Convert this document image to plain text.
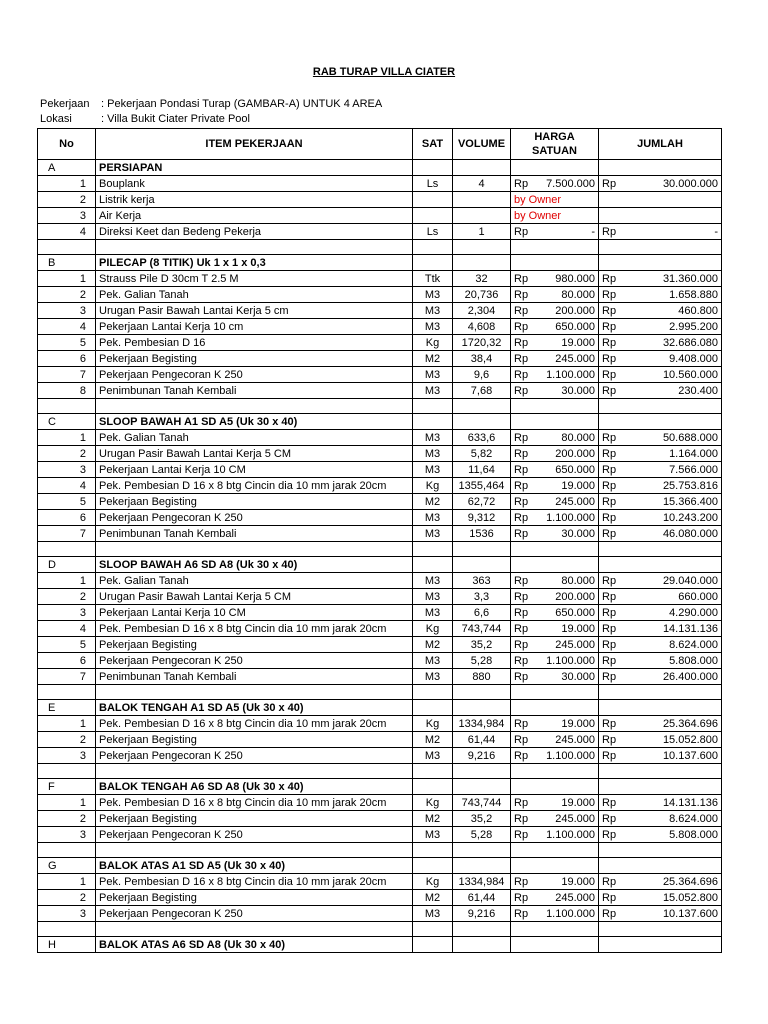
RAB TURAP VILLA CIATER
Pekerjaan : Pekerjaan Pondasi Turap (GAMBAR-A) UNTUK 4 AREA
Lokasi	: Villa Bukit Ciater Private Pool
No	ITEM PEKERJAAN	SAT	VOLUME	HARGA SATUAN	JUMLAH
A	PERSIAPAN				
1	Bouplank	Ls	4	Rp 7.500.000	Rp 30.000.000

2	Listrik kerja			by Owner	
3	Air Kerja			by Owner	
4	Direksi Keet dan Bedeng Pekerja	Ls	1	Rp -	Rp -

B	PILECAP (8 TITIK) Uk 1 x 1 x 0,3				
1	Strauss Pile D 30cm T 2.5 M	Ttk	32	Rp 980.000	Rp 31.360.000

2	Pek. Galian Tanah	M3	20,736	Rp 80.000	Rp 1.658.880

3	Urugan Pasir Bawah Lantai Kerja 5 cm	M3	2,304	Rp 200.000	Rp 460.800

4	Pekerjaan Lantai Kerja 10 cm	M3	4,608	Rp 650.000	Rp 2.995.200

5	Pek. Pembesian D 16	Kg	1720,32	Rp 19.000	Rp 32.686.080

6	Pekerjaan Begisting	M2	38,4	Rp 245.000	Rp 9.408.000

7	Pekerjaan Pengecoran K 250	M3	9,6	Rp 1.100.000	Rp 10.560.000

8	Penimbunan Tanah Kembali	M3	7,68	Rp 30.000	Rp 230.400

C	SLOOP BAWAH A1 SD A5 (Uk 30 x 40)				
1	Pek. Galian Tanah	M3	633,6	Rp 80.000	Rp 50.688.000

2	Urugan Pasir Bawah Lantai Kerja 5 CM	M3	5,82	Rp 200.000	Rp 1.164.000

3	Pekerjaan Lantai Kerja 10 CM	M3	11,64	Rp 650.000	Rp 7.566.000

4	Pek. Pembesian D 16 x 8 btg Cincin dia 10 mm jarak 20cm	Kg	1355,464	Rp 19.000	Rp 25.753.816

5	Pekerjaan Begisting	M2	62,72	Rp 245.000	Rp 15.366.400

6	Pekerjaan Pengecoran K 250	M3	9,312	Rp 1.100.000	Rp 10.243.200

7	Penimbunan Tanah Kembali	M3	1536	Rp 30.000	Rp 46.080.000

D	SLOOP BAWAH A6 SD A8 (Uk 30 x 40)				
1	Pek. Galian Tanah	M3	363	Rp 80.000	Rp 29.040.000

2	Urugan Pasir Bawah Lantai Kerja 5 CM	M3	3,3	Rp 200.000	Rp 660.000

3	Pekerjaan Lantai Kerja 10 CM	M3	6,6	Rp 650.000	Rp 4.290.000

4	Pek. Pembesian D 16 x 8 btg Cincin dia 10 mm jarak 20cm	Kg	743,744	Rp 19.000	Rp 14.131.136

5	Pekerjaan Begisting	M2	35,2	Rp 245.000	Rp 8.624.000

6	Pekerjaan Pengecoran K 250	M3	5,28	Rp 1.100.000	Rp 5.808.000

7	Penimbunan Tanah Kembali	M3	880	Rp 30.000	Rp 26.400.000

E	BALOK TENGAH A1 SD A5 (Uk 30 x 40)				
1	Pek. Pembesian D 16 x 8 btg Cincin dia 10 mm jarak 20cm	Kg	1334,984	Rp 19.000	Rp 25.364.696

2	Pekerjaan Begisting	M2	61,44	Rp 245.000	Rp 15.052.800

3	Pekerjaan Pengecoran K 250	M3	9,216	Rp 1.100.000	Rp 10.137.600

F	BALOK TENGAH A6 SD A8 (Uk 30 x 40)				
1	Pek. Pembesian D 16 x 8 btg Cincin dia 10 mm jarak 20cm	Kg	743,744	Rp 19.000	Rp 14.131.136

2	Pekerjaan Begisting	M2	35,2	Rp 245.000	Rp 8.624.000

3	Pekerjaan Pengecoran K 250	M3	5,28	Rp 1.100.000	Rp 5.808.000

G	BALOK ATAS A1 SD A5 (Uk 30 x 40)				
1	Pek. Pembesian D 16 x 8 btg Cincin dia 10 mm jarak 20cm	Kg	1334,984	Rp 19.000	Rp 25.364.696

2	Pekerjaan Begisting	M2	61,44	Rp 245.000	Rp 15.052.800

3	Pekerjaan Pengecoran K 250	M3	9,216	Rp 1.100.000	Rp 10.137.600

H	BALOK ATAS A6 SD A8 (Uk 30 x 40)				
